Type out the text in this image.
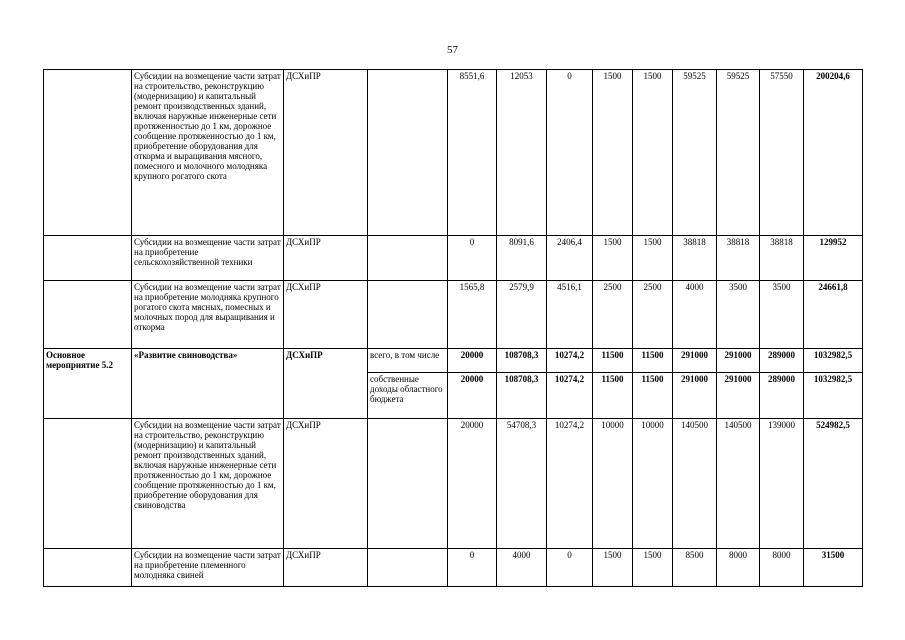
57
	Субсидии на возмещение части затрат на строительство, реконструкцию (модернизацию) и капитальный ремонт производственных зданий, включая наружные инженерные сети протяженностью до 1 км, дорожное сообщение протяженностью до 1 км, приобретение оборудования для откорма и выращивания мясного, помесного и молочного молодняка крупного рогатого скота	ДСХиПР		8551,6	12053	0	1500	1500	59525	59525	57550	200204,6
	Субсидии на возмещение части затрат на приобретение сельскохозяйственной техники	ДСХиПР		0	8091,6	2406,4	1500	1500	38818	38818	38818	129952
	Субсидии на возмещение части затрат на приобретение молодняка крупного рогатого скота мясных, помесных и молочных пород для выращивания и откорма	ДСХиПР		1565,8	2579,9	4516,1	2500	2500	4000	3500	3500	24661,8
Основное мероприятие 5.2	«Развитие свиноводства»	ДСХиПР	всего, в том числе	20000	108708,3	10274,2	11500	11500	291000	291000	289000	1032982,5
			собственные доходы областного бюджета	20000	108708,3	10274,2	11500	11500	291000	291000	289000	1032982,5
	Субсидии на возмещение части затрат на строительство, реконструкцию (модернизацию) и капитальный ремонт производственных зданий, включая наружные инженерные сети протяженностью до 1 км, дорожное сообщение протяженностью до 1 км, приобретение оборудования для свиноводства	ДСХиПР		20000	54708,3	10274,2	10000	10000	140500	140500	139000	524982,5
	Субсидии на возмещение части затрат на приобретение племенного молодняка свиней	ДСХиПР		0	4000	0	1500	1500	8500	8000	8000	31500
